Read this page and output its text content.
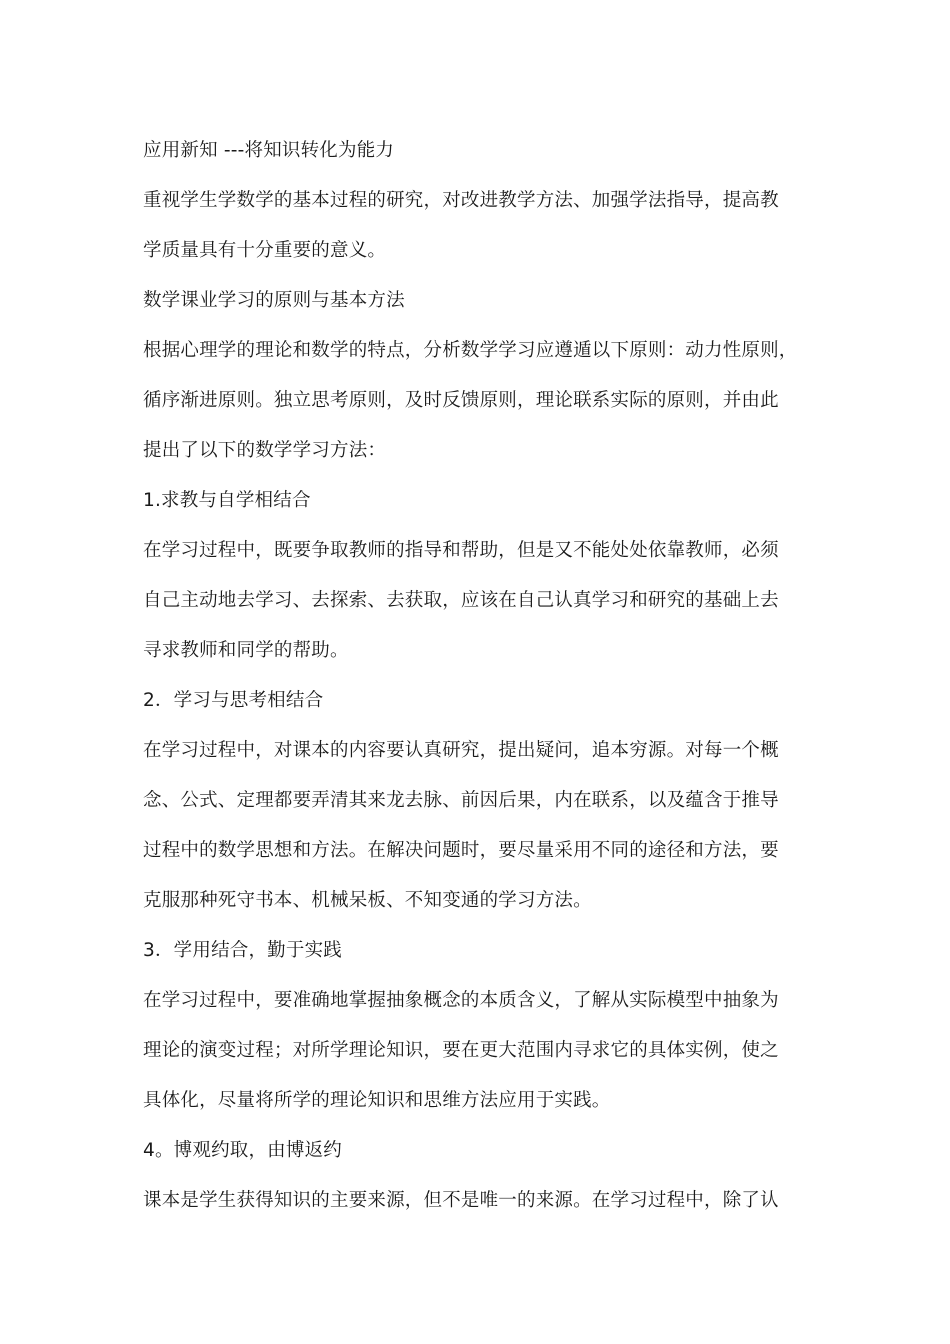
应用新知 ---将知识转化为能力
重视学生学数学的基本过程的研究，对改进教学方法、加强学法指导，提高教
学质量具有十分重要的意义。
数学课业学习的原则与基本方法
根据心理学的理论和数学的特点，分析数学学习应遵遁以下原则：动力性原则，
循序渐进原则。独立思考原则，及时反馈原则，理论联系实际的原则，并由此
提出了以下的数学学习方法：
1.求教与自学相结合
在学习过程中，既要争取教师的指导和帮助，但是又不能处处依靠教师，必须
自己主动地去学习、去探索、去获取，应该在自己认真学习和研究的基础上去
寻求教师和同学的帮助。
2．学习与思考相结合
在学习过程中，对课本的内容要认真研究，提出疑问，追本穷源。对每一个概
念、公式、定理都要弄清其来龙去脉、前因后果，内在联系，以及蕴含于推导
过程中的数学思想和方法。在解决问题时，要尽量采用不同的途径和方法，要
克服那种死守书本、机械呆板、不知变通的学习方法。
3．学用结合，勤于实践
在学习过程中，要准确地掌握抽象概念的本质含义，了解从实际模型中抽象为
理论的演变过程；对所学理论知识，要在更大范围内寻求它的具体实例，使之
具体化，尽量将所学的理论知识和思维方法应用于实践。
4。博观约取，由博返约
课本是学生获得知识的主要来源，但不是唯一的来源。在学习过程中，除了认
